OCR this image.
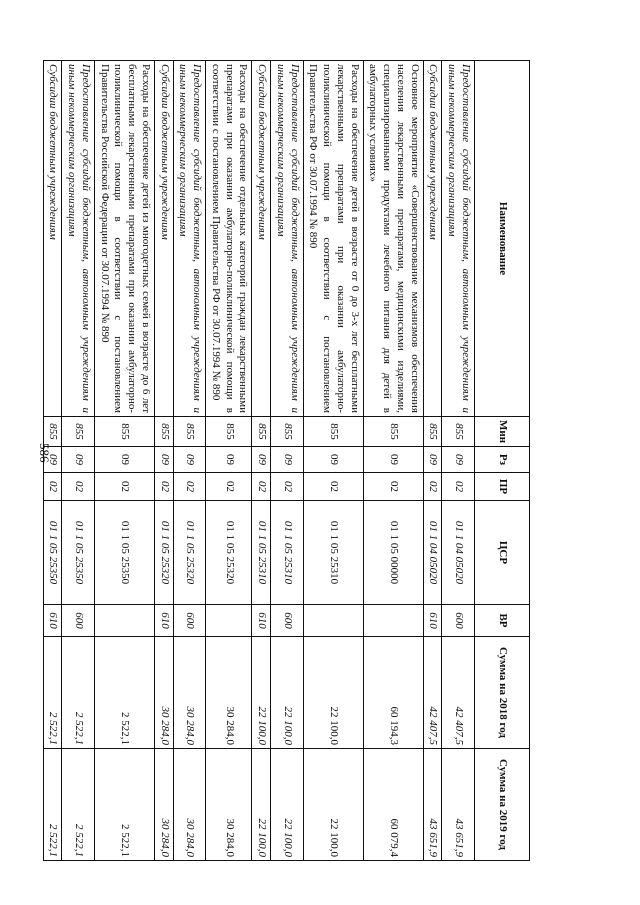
586
Наименование	Мин	Рз	ПР	ЦСР	ВР	Сумма на 2018 год	Сумма на 2019 год
Предоставление субсидий бюджетным, автономным учреждениям и иным некоммерческим организациям	855	09	02	01 1 04 05020	600	42 407,5	43 651,9
Субсидии бюджетным учреждениям	855	09	02	01 1 04 05020	610	42 407,5	43 651,9
Основное мероприятие «Совершенствование механизмов обеспечения населения лекарственными препаратами, медицинскими изделиями, специализированными продуктами лечебного питания для детей в амбулаторных условиях»	855	09	02	01 1 05 00000		60 194,3	60 079,4
Расходы на обеспечение детей в возрасте от 0 до 3-х лет бесплатными лекарственными препаратами при оказании амбулаторно-поликлинической помощи в соответствии с постановлением Правительства РФ от 30.07.1994 № 890	855	09	02	01 1 05 25310		22 100,0	22 100,0
Предоставление субсидий бюджетным, автономным учреждениям и иным некоммерческим организациям	855	09	02	01 1 05 25310	600	22 100,0	22 100,0
Субсидии бюджетным учреждениям	855	09	02	01 1 05 25310	610	22 100,0	22 100,0
Расходы на обеспечение отдельных категорий граждан лекарственными препаратами при оказании амбулаторно-поликлинической помощи в соответствии с постановлением Правительства РФ от 30.07.1994 № 890	855	09	02	01 1 05 25320		30 284,0	30 284,0
Предоставление субсидий бюджетным, автономным учреждениям и иным некоммерческим организациям	855	09	02	01 1 05 25320	600	30 284,0	30 284,0
Субсидии бюджетным учреждениям	855	09	02	01 1 05 25320	610	30 284,0	30 284,0
Расходы на обеспечение детей из многодетных семей в возрасте до 6 лет бесплатными лекарственными препаратами при оказании амбулаторно-поликлинической помощи в соответствии с постановлением Правительства Российской Федерации от 30.07.1994 № 890	855	09	02	01 1 05 25350		2 522,1	2 522,1
Предоставление субсидий бюджетным, автономным учреждениям и иным некоммерческим организациям	855	09	02	01 1 05 25350	600	2 522,1	2 522,1
Субсидии бюджетным учреждениям	855	09	02	01 1 05 25350	610	2 522,1	2 522,1
